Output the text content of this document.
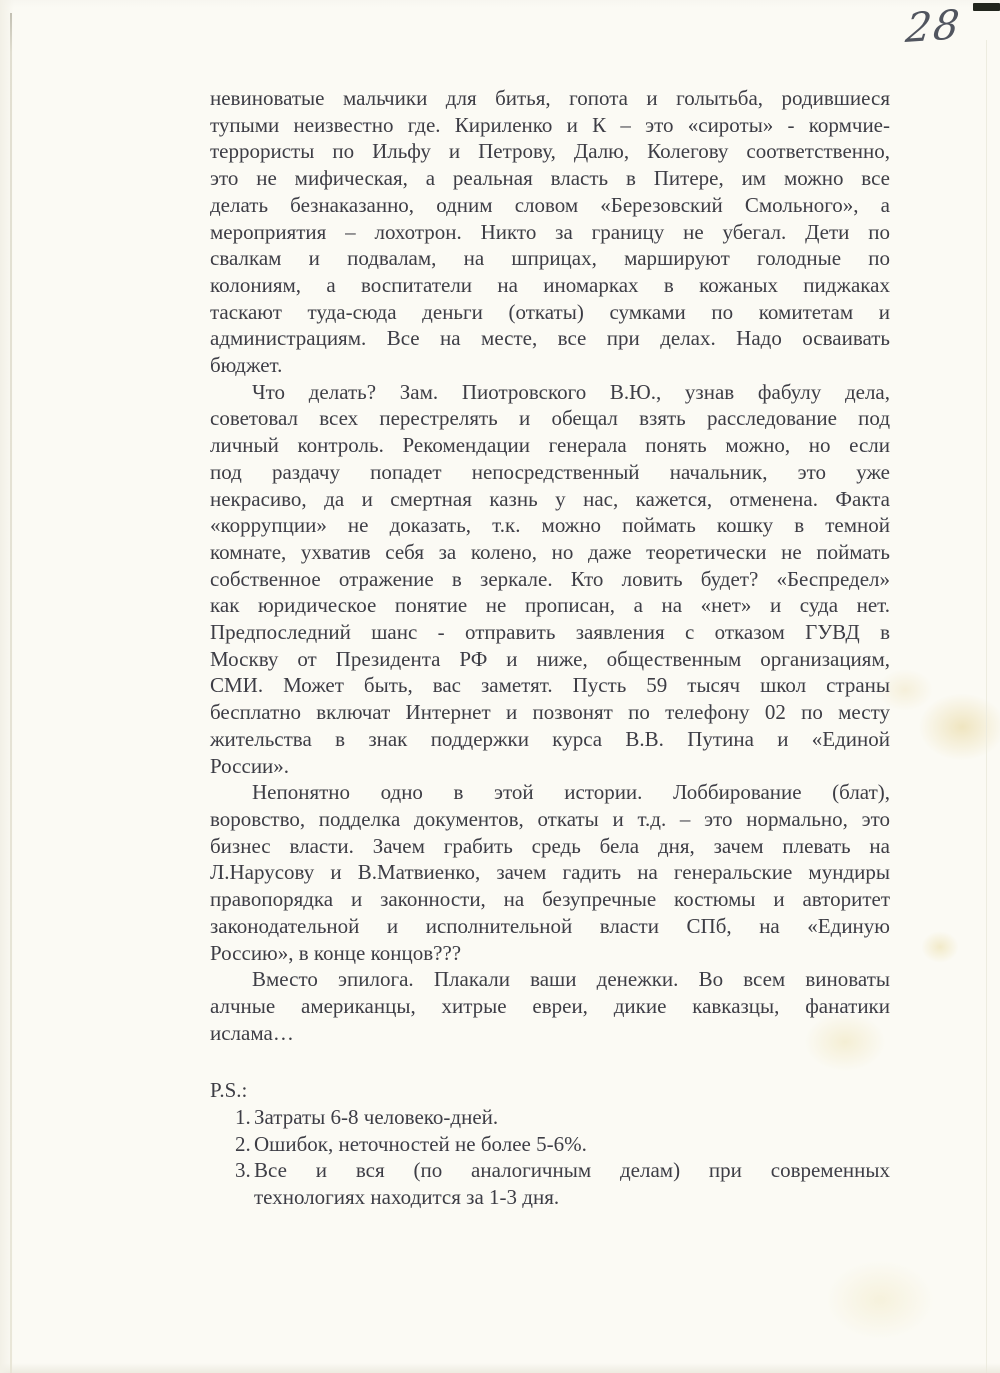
28
невиноватые мальчики для битья, гопота и голытьба, родившиеся
тупыми неизвестно где. Кириленко и К – это «сироты» - кормчие-
террористы по Ильфу и Петрову, Далю, Колегову соответственно,
это не мифическая, а реальная власть в Питере, им можно все
делать безнаказанно, одним словом «Березовский Смольного», а
мероприятия – лохотрон. Никто за границу не убегал. Дети по
свалкам и подвалам, на шприцах, маршируют голодные по
колониям, а воспитатели на иномарках в кожаных пиджаках
таскают туда-сюда деньги (откаты) сумками по комитетам и
администрациям. Все на месте, все при делах. Надо осваивать
бюджет.
Что делать? Зам. Пиотровского В.Ю., узнав фабулу дела,
советовал всех перестрелять и обещал взять расследование под
личный контроль. Рекомендации генерала понять можно, но если
под раздачу попадет непосредственный начальник, это уже
некрасиво, да и смертная казнь у нас, кажется, отменена. Факта
«коррупции» не доказать, т.к. можно поймать кошку в темной
комнате, ухватив себя за колено, но даже теоретически не поймать
собственное отражение в зеркале. Кто ловить будет? «Беспредел»
как юридическое понятие не прописан, а на «нет» и суда нет.
Предпоследний шанс - отправить заявления с отказом ГУВД в
Москву от Президента РФ и ниже, общественным организациям,
СМИ. Может быть, вас заметят. Пусть 59 тысяч школ страны
бесплатно включат Интернет и позвонят по телефону 02 по месту
жительства в знак поддержки курса В.В. Путина и «Единой
России».
Непонятно одно в этой истории. Лоббирование (блат),
воровство, подделка документов, откаты и т.д. – это нормально, это
бизнес власти. Зачем грабить средь бела дня, зачем плевать на
Л.Нарусову и В.Матвиенко, зачем гадить на генеральские мундиры
правопорядка и законности, на безупречные костюмы и авторитет
законодательной и исполнительной власти СПб, на «Единую
Россию», в конце концов???
Вместо эпилога. Плакали ваши денежки. Во всем виноваты
алчные американцы, хитрые евреи, дикие кавказцы, фанатики
ислама…
P.S.:
1. Затраты 6-8 человеко-дней.
2. Ошибок, неточностей не более 5-6%.
3. Все и вся (по аналогичным делам) при современных
технологиях находится за 1-3 дня.
